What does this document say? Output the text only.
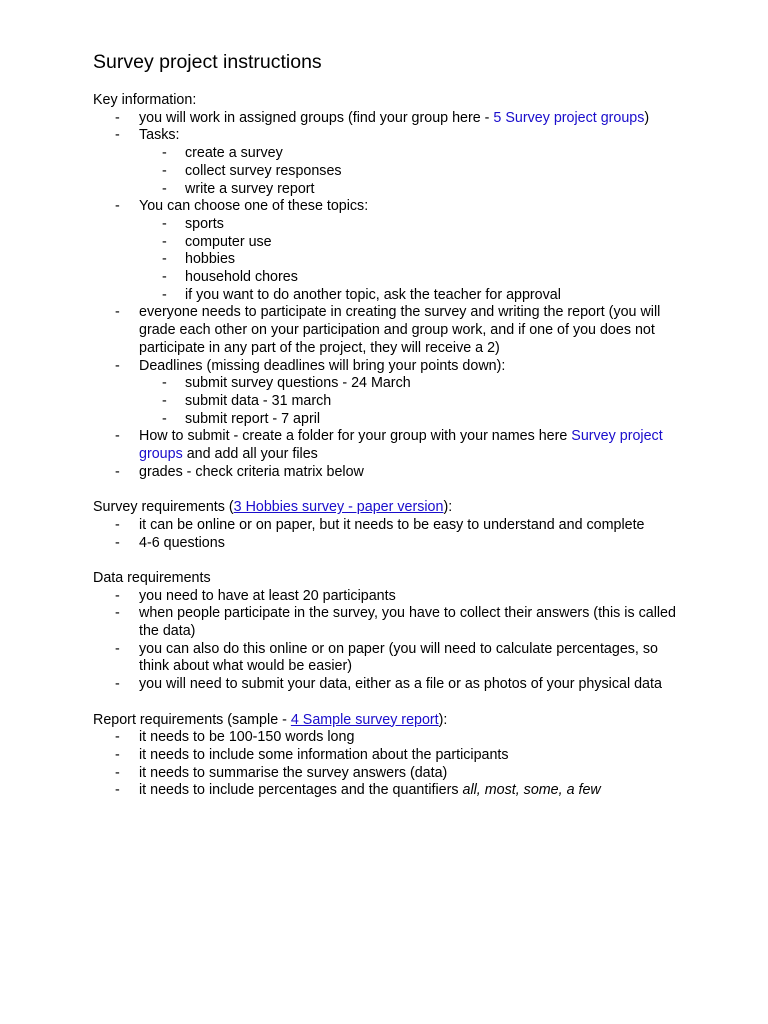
Survey project instructions
Key information:
- you will work in assigned groups (find your group here - 5 Survey project groups)
- Tasks:
- create a survey
- collect survey responses
- write a survey report
- You can choose one of these topics:
- sports
- computer use
- hobbies
- household chores
- if you want to do another topic, ask the teacher for approval
- everyone needs to participate in creating the survey and writing the report (you will
grade each other on your participation and group work, and if one of you does not
participate in any part of the project, they will receive a 2)
- Deadlines (missing deadlines will bring your points down):
- submit survey questions - 24 March
- submit data - 31 march
- submit report - 7 april
- How to submit - create a folder for your group with your names here Survey project
groups and add all your files
- grades - check criteria matrix below
Survey requirements (3 Hobbies survey - paper version):
- it can be online or on paper, but it needs to be easy to understand and complete
- 4-6 questions
Data requirements
- you need to have at least 20 participants
- when people participate in the survey, you have to collect their answers (this is called
the data)
- you can also do this online or on paper (you will need to calculate percentages, so
think about what would be easier)
- you will need to submit your data, either as a file or as photos of your physical data
Report requirements (sample - 4 Sample survey report):
- it needs to be 100-150 words long
- it needs to include some information about the participants
- it needs to summarise the survey answers (data)
- it needs to include percentages and the quantifiers all, most, some, a few
